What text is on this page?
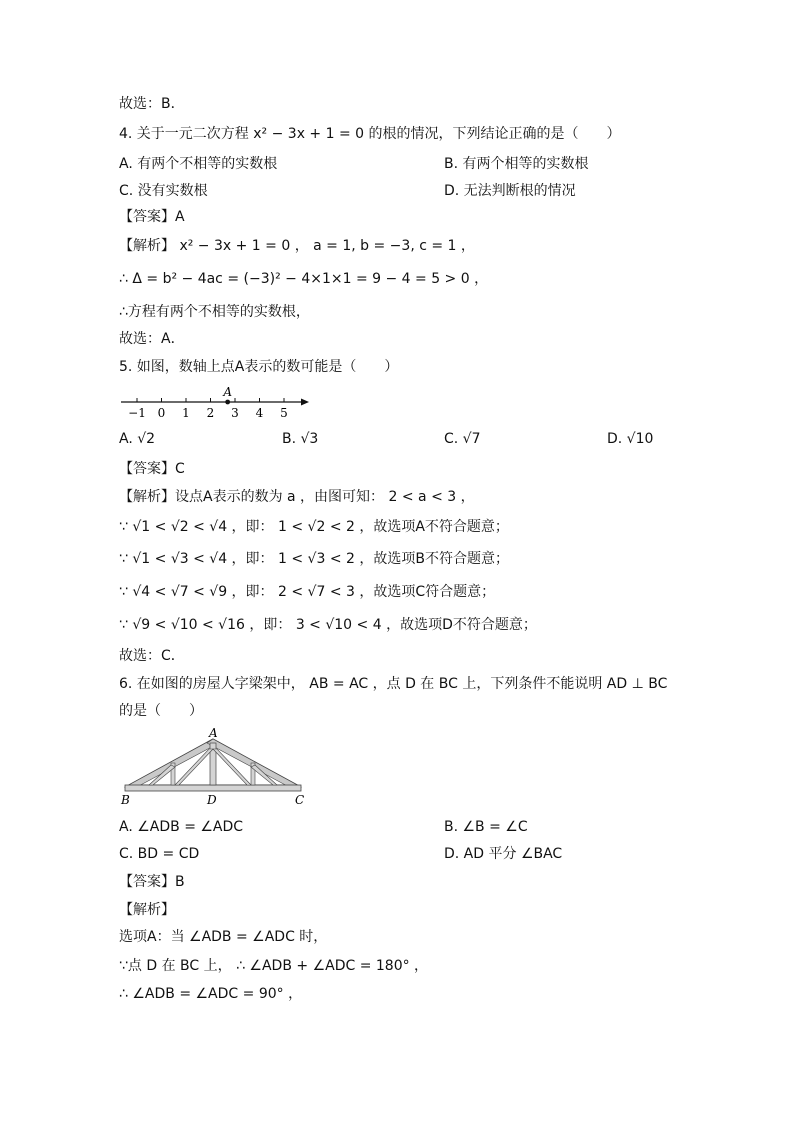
故选：B．
4. 关于一元二次方程 x² − 3x + 1 = 0 的根的情况，下列结论正确的是（　　）
A. 有两个不相等的实数根	B. 有两个相等的实数根
C. 没有实数根	D. 无法判断根的情况
【答案】A
【解析】 x² − 3x + 1 = 0 ， a = 1, b = −3, c = 1 ，
∴ Δ = b² − 4ac = (−3)² − 4×1×1 = 9 − 4 = 5 > 0 ，
∴方程有两个不相等的实数根，
故选：A．
5. 如图，数轴上点A表示的数可能是（　　）
−1 0 1 2 3 4 5
A
A. √2	B. √3	C. √7	D. √10
【答案】C
【解析】设点A表示的数为 a ，由图可知： 2 < a < 3 ，
∵ √1 < √2 < √4 ，即： 1 < √2 < 2 ，故选项A不符合题意；
∵ √1 < √3 < √4 ，即： 1 < √3 < 2 ，故选项B不符合题意；
∵ √4 < √7 < √9 ，即： 2 < √7 < 3 ，故选项C符合题意；
∵ √9 < √10 < √16 ，即： 3 < √10 < 4 ，故选项D不符合题意；
故选：C．
6. 在如图的房屋人字梁架中， AB = AC ，点 D 在 BC 上，下列条件不能说明 AD ⊥ BC
的是（　　）
A
B	C
D
A. ∠ADB = ∠ADC	B. ∠B = ∠C
C. BD = CD	D. AD 平分 ∠BAC
【答案】B
【解析】
选项A：当 ∠ADB = ∠ADC 时，
∵点 D 在 BC 上， ∴ ∠ADB + ∠ADC = 180° ，
∴ ∠ADB = ∠ADC = 90° ，
